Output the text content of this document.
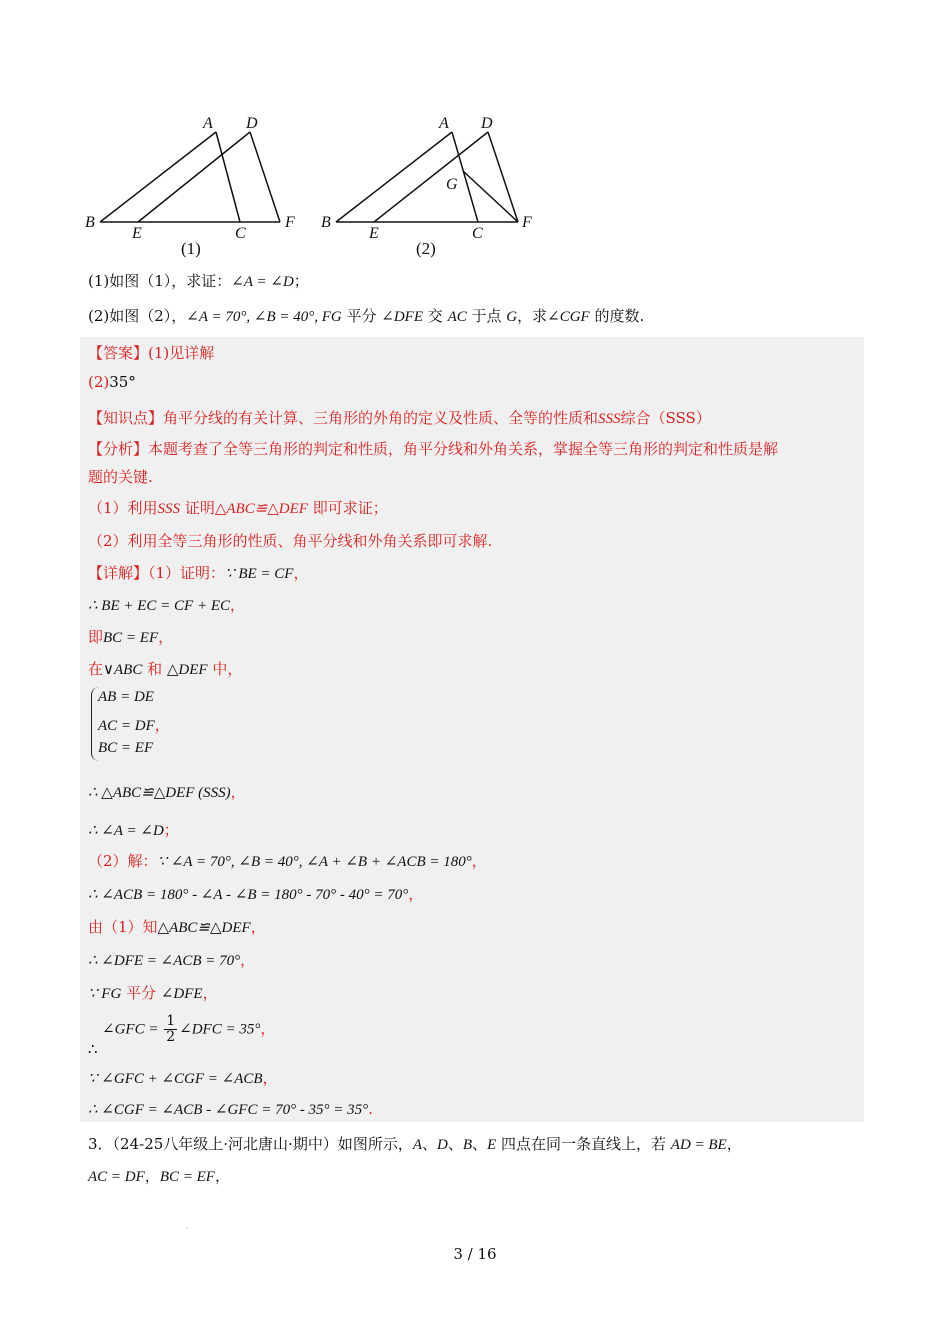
A D
B
E	C
F
(1)
A D
B
E	C
F
G
(2)
(1)如图（1），求证：∠A = ∠D；
(2)如图（2），∠A = 70°, ∠B = 40°, FG 平分 ∠DFE 交 AC 于点 G，求∠CGF 的度数.
【答案】(1)见详解
(2)35°
【知识点】角平分线的有关计算、三角形的外角的定义及性质、全等的性质和SSS综合（SSS）
【分析】本题考查了全等三角形的判定和性质，角平分线和外角关系，掌握全等三角形的判定和性质是解
题的关键.
（1）利用SSS 证明△ABC≌△DEF 即可求证；
（2）利用全等三角形的性质、角平分线和外角关系即可求解.
【详解】（1）证明：∵ BE = CF，
∴ BE + EC = CF + EC，
即BC = EF，
在∨ABC 和 △DEF 中，
AB = DE
AC = DF，
BC = EF
∴ △ABC≌△DEF (SSS)，
∴ ∠A = ∠D；
（2）解：∵ ∠A = 70°, ∠B = 40°, ∠A + ∠B + ∠ACB = 180°，
∴ ∠ACB = 180° - ∠A - ∠B = 180° - 70° - 40° = 70°，
由（1）知△ABC≌△DEF，
∴ ∠DFE = ∠ACB = 70°，
∵ FG 平分 ∠DFE，
∠GFC = $\frac{1}{2}$ ∠DFC = 35°，
∴
∵ ∠GFC + ∠CGF = ∠ACB，
∴ ∠CGF = ∠ACB - ∠GFC = 70° - 35° = 35°.
3．（24-25八年级上·河北唐山·期中）如图所示，A、D、B、E 四点在同一条直线上，若 AD = BE，
AC = DF，BC = EF，
·
3 / 16
